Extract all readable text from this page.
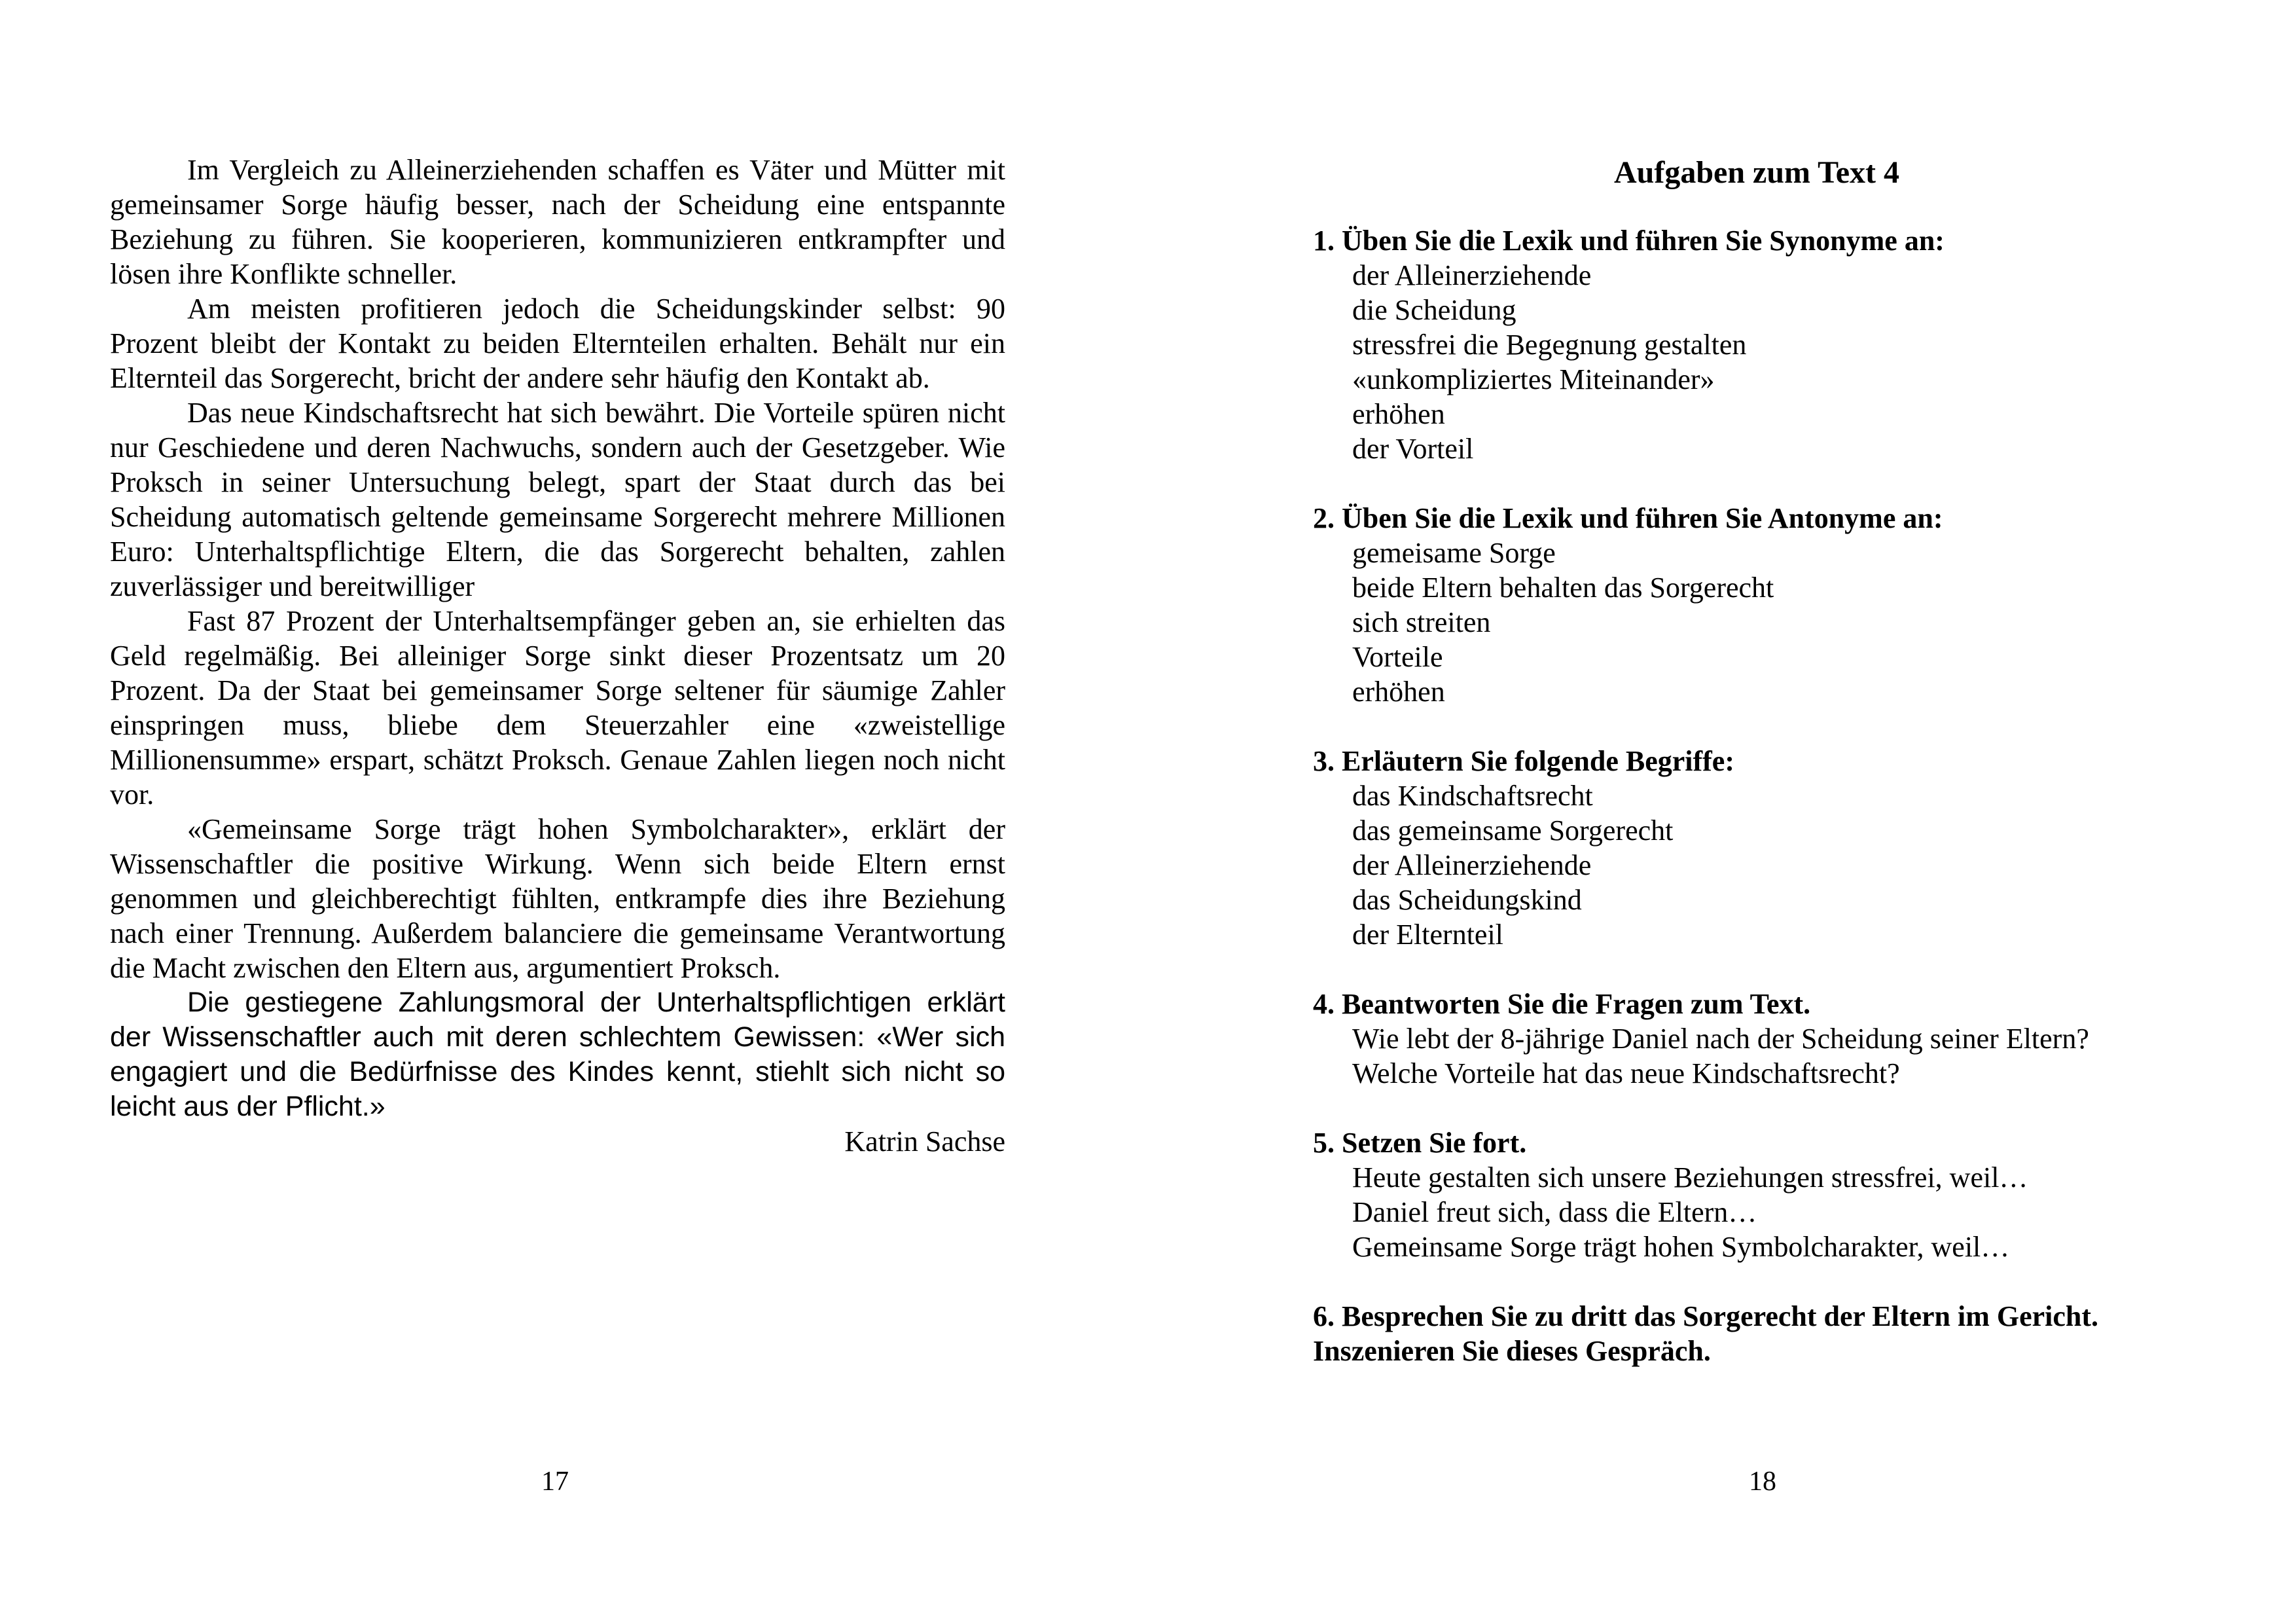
Im Vergleich zu Alleinerziehenden schaffen es Väter und Mütter mit gemeinsamer Sorge häufig besser, nach der Scheidung eine entspannte Beziehung zu führen. Sie kooperieren, kommunizieren entkrampfter und lösen ihre Konflikte schneller.

Am meisten profitieren jedoch die Scheidungskinder selbst: 90 Prozent bleibt der Kontakt zu beiden Elternteilen erhalten. Behält nur ein Elternteil das Sorgerecht, bricht der andere sehr häufig den Kontakt ab.

Das neue Kindschaftsrecht hat sich bewährt. Die Vorteile spüren nicht nur Geschiedene und deren Nachwuchs, sondern auch der Gesetzgeber. Wie Proksch in seiner Untersuchung belegt, spart der Staat durch das bei Scheidung automatisch geltende gemeinsame Sorgerecht mehrere Millionen Euro: Unterhaltspflichtige Eltern, die das Sorgerecht behalten, zahlen zuverlässiger und bereitwilliger

Fast 87 Prozent der Unterhaltsempfänger geben an, sie erhielten das Geld regelmäßig. Bei alleiniger Sorge sinkt dieser Prozentsatz um 20 Prozent. Da der Staat bei gemeinsamer Sorge seltener für säumige Zahler einspringen muss, bliebe dem Steuerzahler eine «zweistellige Millionensumme» erspart, schätzt Proksch. Genaue Zahlen liegen noch nicht vor.

«Gemeinsame Sorge trägt hohen Symbolcharakter», erklärt der Wissenschaftler die positive Wirkung. Wenn sich beide Eltern ernst genommen und gleichberechtigt fühlten, entkrampfe dies ihre Beziehung nach einer Trennung. Außerdem balanciere die gemeinsame Verantwortung die Macht zwischen den Eltern aus, argumentiert Proksch.

Die gestiegene Zahlungsmoral der Unterhaltspflichtigen erklärt der Wissenschaftler auch mit deren schlechtem Gewissen: «Wer sich engagiert und die Bedürfnisse des Kindes kennt, stiehlt sich nicht so leicht aus der Pflicht.»

Katrin Sachse

17
Aufgaben zum Text 4

1. Üben Sie die Lexik und führen Sie Synonyme an:

der Alleinerziehende

die Scheidung

stressfrei die Begegnung gestalten

«unkompliziertes Miteinander»

erhöhen

der Vorteil

2. Üben Sie die Lexik und führen Sie Antonyme an:

gemeisame Sorge

beide Eltern behalten das Sorgerecht

sich streiten

Vorteile

erhöhen

3. Erläutern Sie folgende Begriffe:

das Kindschaftsrecht

das gemeinsame Sorgerecht

der Alleinerziehende

das Scheidungskind

der Elternteil

4. Beantworten Sie die Fragen zum Text.

Wie lebt der 8-jährige Daniel nach der Scheidung seiner Eltern?

Welche Vorteile hat das neue Kindschaftsrecht?

5. Setzen Sie fort.

Heute gestalten sich unsere Beziehungen stressfrei, weil…

Daniel freut sich, dass die Eltern…

Gemeinsame Sorge trägt hohen Symbolcharakter, weil…

6. Besprechen Sie zu dritt das Sorgerecht der Eltern im Gericht.

Inszenieren Sie dieses Gespräch.

18
